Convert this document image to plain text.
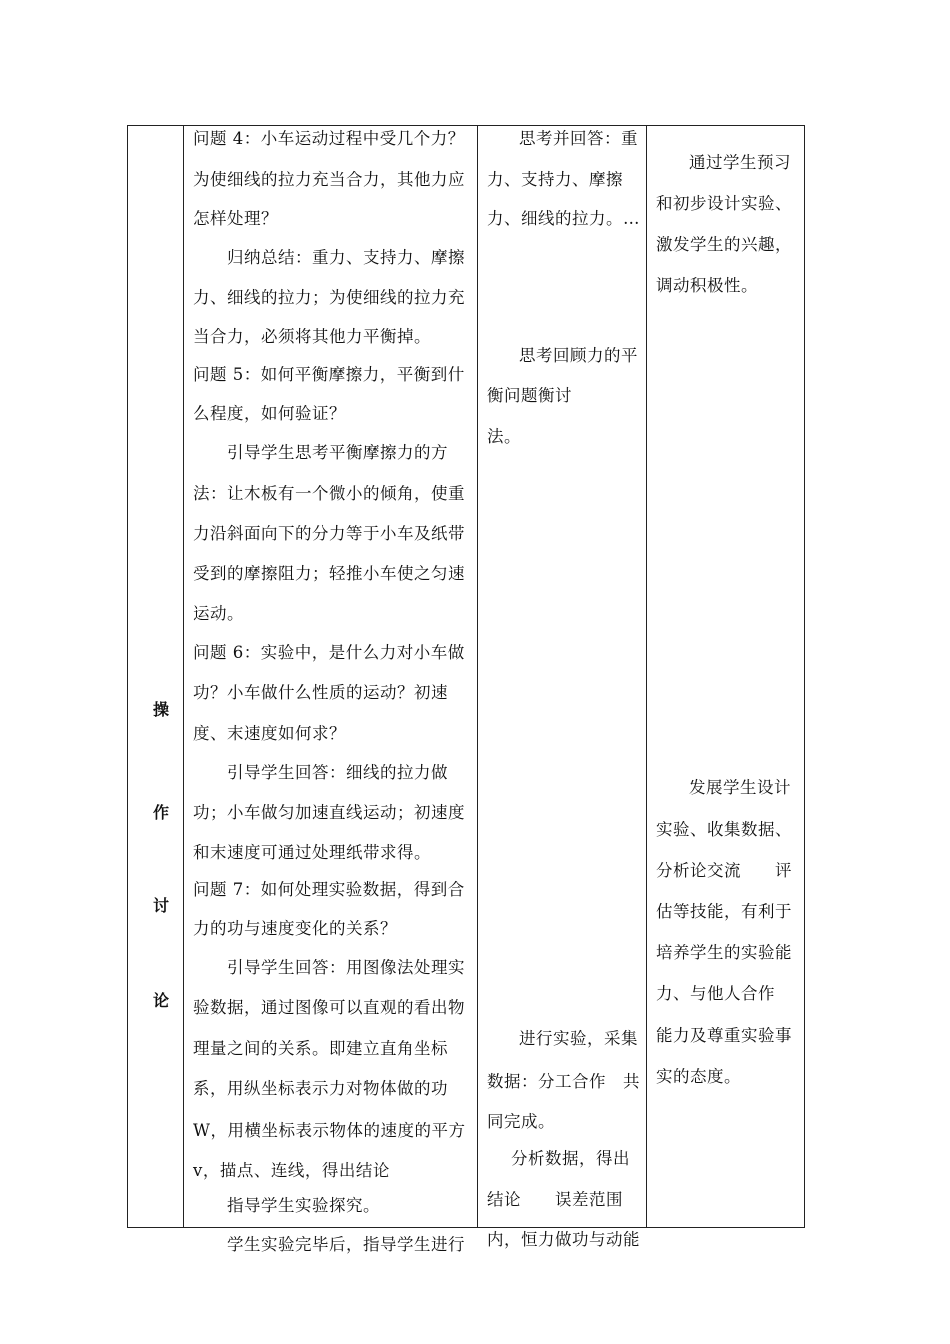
操
作
讨
论
问题 4：小车运动过程中受几个力？
为使细线的拉力充当合力，其他力应
怎样处理？
归纳总结：重力、支持力、摩擦
力、细线的拉力；为使细线的拉力充
当合力，必须将其他力平衡掉。
问题 5：如何平衡摩擦力，平衡到什
么程度，如何验证？
引导学生思考平衡摩擦力的方
法：让木板有一个微小的倾角，使重
力沿斜面向下的分力等于小车及纸带
受到的摩擦阻力；轻推小车使之匀速
运动。
问题 6：实验中，是什么力对小车做
功？小车做什么性质的运动？初速
度、末速度如何求？
引导学生回答：细线的拉力做
功；小车做匀加速直线运动；初速度
和末速度可通过处理纸带求得。
问题 7：如何处理实验数据，得到合
力的功与速度变化的关系？
引导学生回答：用图像法处理实
验数据，通过图像可以直观的看出物
理量之间的关系。即建立直角坐标
系，用纵坐标表示力对物体做的功
W，用横坐标表示物体的速度的平方
v，描点、连线，得出结论
指导学生实验探究。
学生实验完毕后，指导学生进行
思考并回答：重
力、支持力、摩擦
力、细线的拉力。…
思考回顾力的平
衡问题衡讨
法。
进行实验，采集
数据：分工合作　共
同完成。
分析数据，得出
结论　　误差范围
内，恒力做功与动能
通过学生预习
和初步设计实验、
激发学生的兴趣，
调动积极性。
发展学生设计
实验、收集数据、
分析论交流　　评
估等技能，有利于
培养学生的实验能
力、与他人合作
能力及尊重实验事
实的态度。
